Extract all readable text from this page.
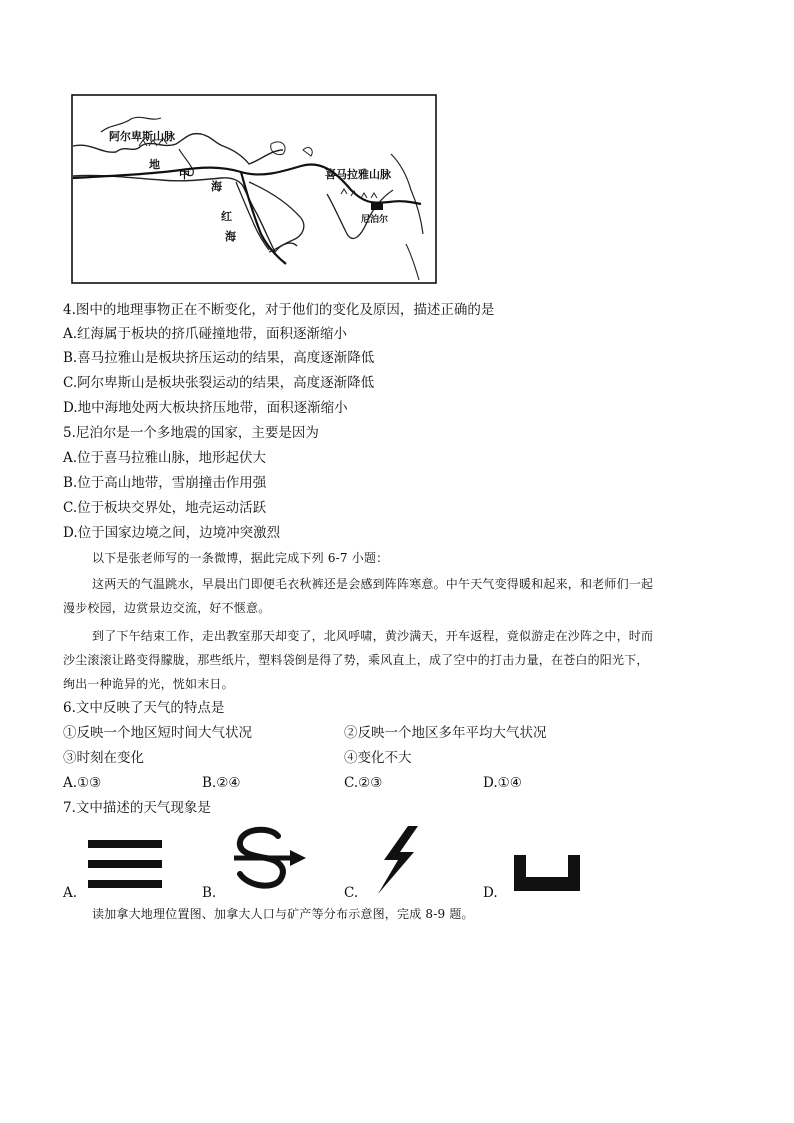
阿尔卑斯山脉
地
中
海
喜马拉雅山脉
红
海
尼泊尔
4.图中的地理事物正在不断变化，对于他们的变化及原因，描述正确的是
A.红海属于板块的挤爪碰撞地带，面积逐渐缩小
B.喜马拉雅山是板块挤压运动的结果，高度逐渐降低
C.阿尔卑斯山是板块张裂运动的结果，高度逐渐降低
D.地中海地处两大板块挤压地带，面积逐渐缩小
5.尼泊尔是一个多地震的国家，主要是因为
A.位于喜马拉雅山脉，地形起伏大
B.位于高山地带，雪崩撞击作用强
C.位于板块交界处，地壳运动活跃
D.位于国家边境之间，边境冲突激烈
以下是张老师写的一条微博，据此完成下列 6-7 小题：
这两天的气温跳水，早晨出门即便毛衣秋裤还是会感到阵阵寒意。中午天气变得暖和起来，和老师们一起
漫步校园，边赏景边交流，好不惬意。
到了下午结束工作，走出教室那天却变了，北风呼啸，黄沙满天，开车返程，竟似游走在沙阵之中，时而
沙尘滚滚让路变得朦胧，那些纸片，塑料袋倒是得了势，乘风直上，成了空中的打击力量，在苍白的阳光下，
绚出一种诡异的光，恍如末日。
6.文中反映了天气的特点是
①反映一个地区短时间大气状况	②反映一个地区多年平均大气状况
③时刻在变化	④变化不大
A.①③	B.②④	C.②③	D.①④
7.文中描述的天气现象是
A.	B.	C.	D.
读加拿大地理位置图、加拿大人口与矿产等分布示意图，完成 8-9 题。
